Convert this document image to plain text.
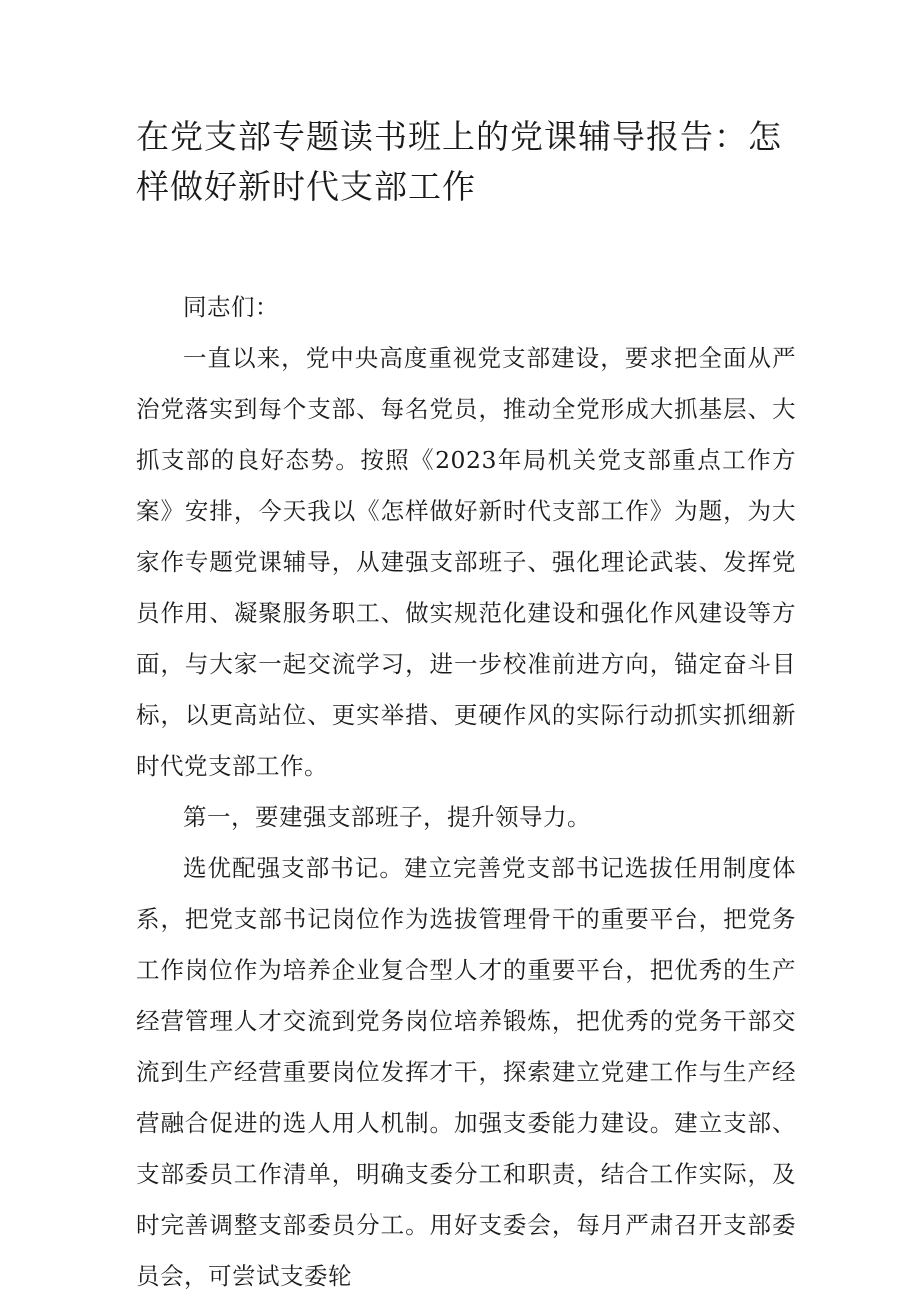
在党支部专题读书班上的党课辅导报告：怎样做好新时代支部工作

同志们：

一直以来，党中央高度重视党支部建设，要求把全面从严治党落实到每个支部、每名党员，推动全党形成大抓基层、大抓支部的良好态势。按照《2023年局机关党支部重点工作方案》安排，今天我以《怎样做好新时代支部工作》为题，为大家作专题党课辅导，从建强支部班子、强化理论武装、发挥党员作用、凝聚服务职工、做实规范化建设和强化作风建设等方面，与大家一起交流学习，进一步校准前进方向，锚定奋斗目标，以更高站位、更实举措、更硬作风的实际行动抓实抓细新时代党支部工作。

第一，要建强支部班子，提升领导力。

选优配强支部书记。建立完善党支部书记选拔任用制度体系，把党支部书记岗位作为选拔管理骨干的重要平台，把党务工作岗位作为培养企业复合型人才的重要平台，把优秀的生产经营管理人才交流到党务岗位培养锻炼，把优秀的党务干部交流到生产经营重要岗位发挥才干，探索建立党建工作与生产经营融合促进的选人用人机制。加强支委能力建设。建立支部、支部委员工作清单，明确支委分工和职责，结合工作实际，及时完善调整支部委员分工。用好支委会，每月严肃召开支部委员会，可尝试支委轮
